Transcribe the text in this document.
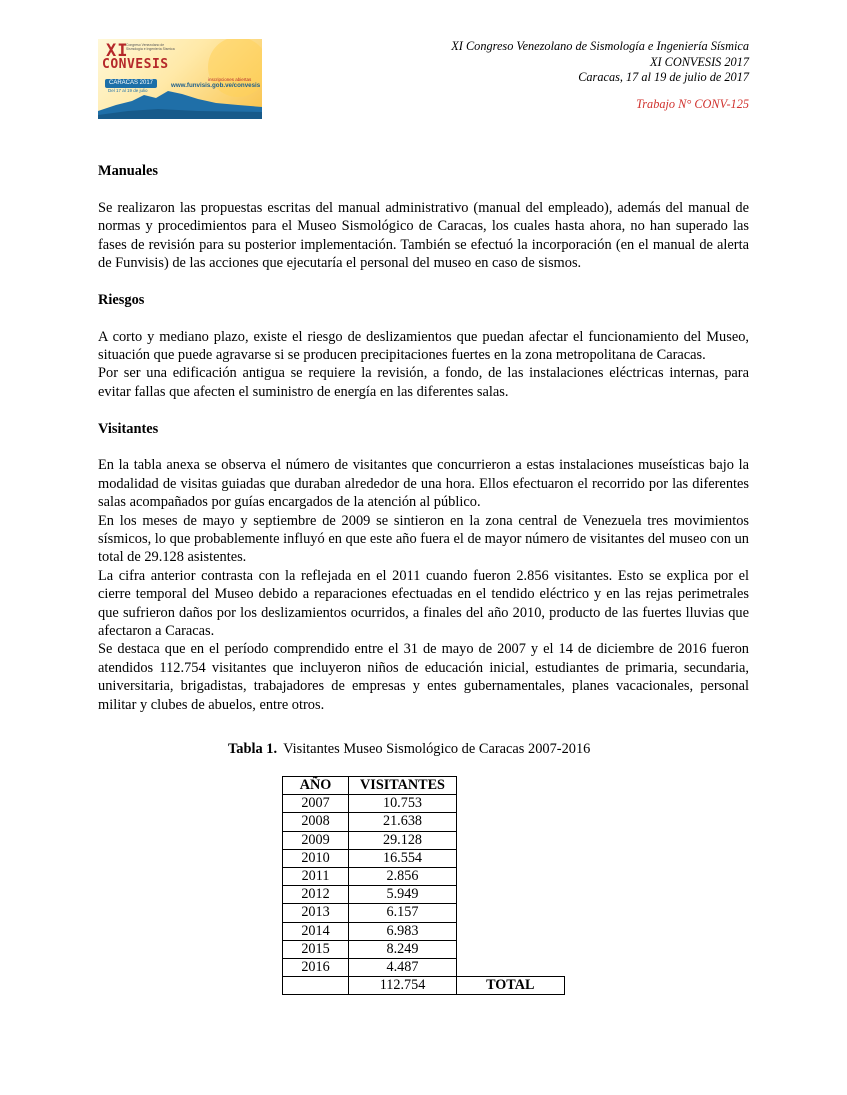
XI
Congreso Venezolano de Sismología e Ingeniería Sísmica
CONVESIS
CARACAS 2017
Del 17 al 19 de julio
inscripciones abiertas
www.funvisis.gob.ve/convesis
XI Congreso Venezolano de Sismología e Ingeniería Sísmica
XI CONVESIS 2017
Caracas, 17 al 19 de julio de 2017
Trabajo N° CONV-125
Manuales

Se realizaron las propuestas escritas del manual administrativo (manual del empleado), además del manual de normas y procedimientos para el Museo Sismológico de Caracas, los cuales hasta ahora, no han superado las fases de revisión para su posterior implementación. También se efectuó la incorporación (en el manual de alerta de Funvisis) de las acciones que ejecutaría el personal del museo en caso de sismos.

Riesgos

A corto y mediano plazo, existe el riesgo de deslizamientos que puedan afectar el funcionamiento del Museo, situación que puede agravarse si se producen precipitaciones fuertes en la zona metropolitana de Caracas.

Por ser una edificación antigua se requiere la revisión, a fondo, de las instalaciones eléctricas internas, para evitar fallas que afecten el suministro de energía en las diferentes salas.

Visitantes

En la tabla anexa se observa el número de visitantes que concurrieron a estas instalaciones museísticas bajo la modalidad de visitas guiadas que duraban alrededor de una hora. Ellos efectuaron el recorrido por las diferentes salas acompañados por guías encargados de la atención al público.

En los meses de mayo y septiembre de 2009 se sintieron en la zona central de Venezuela tres movimientos sísmicos, lo que probablemente influyó en que este año fuera el de mayor número de visitantes del museo con un total de 29.128 asistentes.

La cifra anterior contrasta con la reflejada en el 2011 cuando fueron 2.856 visitantes. Esto se explica por el cierre temporal del Museo debido a reparaciones efectuadas en el tendido eléctrico y en las rejas perimetrales que sufrieron daños por los deslizamientos ocurridos, a finales del año 2010, producto de las fuertes lluvias que afectaron a Caracas.

Se destaca que en el período comprendido entre el 31 de mayo de 2007 y el 14 de diciembre de 2016 fueron atendidos 112.754 visitantes que incluyeron niños de educación inicial, estudiantes de primaria, secundaria, universitaria, brigadistas, trabajadores de empresas y entes gubernamentales, planes vacacionales, personal militar y clubes de abuelos, entre otros.

Tabla 1. Visitantes Museo Sismológico de Caracas 2007-2016
AÑO	VISITANTES	
2007	10.753	
2008	21.638	
2009	29.128	
2010	16.554	
2011	2.856	
2012	5.949	
2013	6.157	
2014	6.983	
2015	8.249	
2016	4.487	
	112.754	TOTAL
